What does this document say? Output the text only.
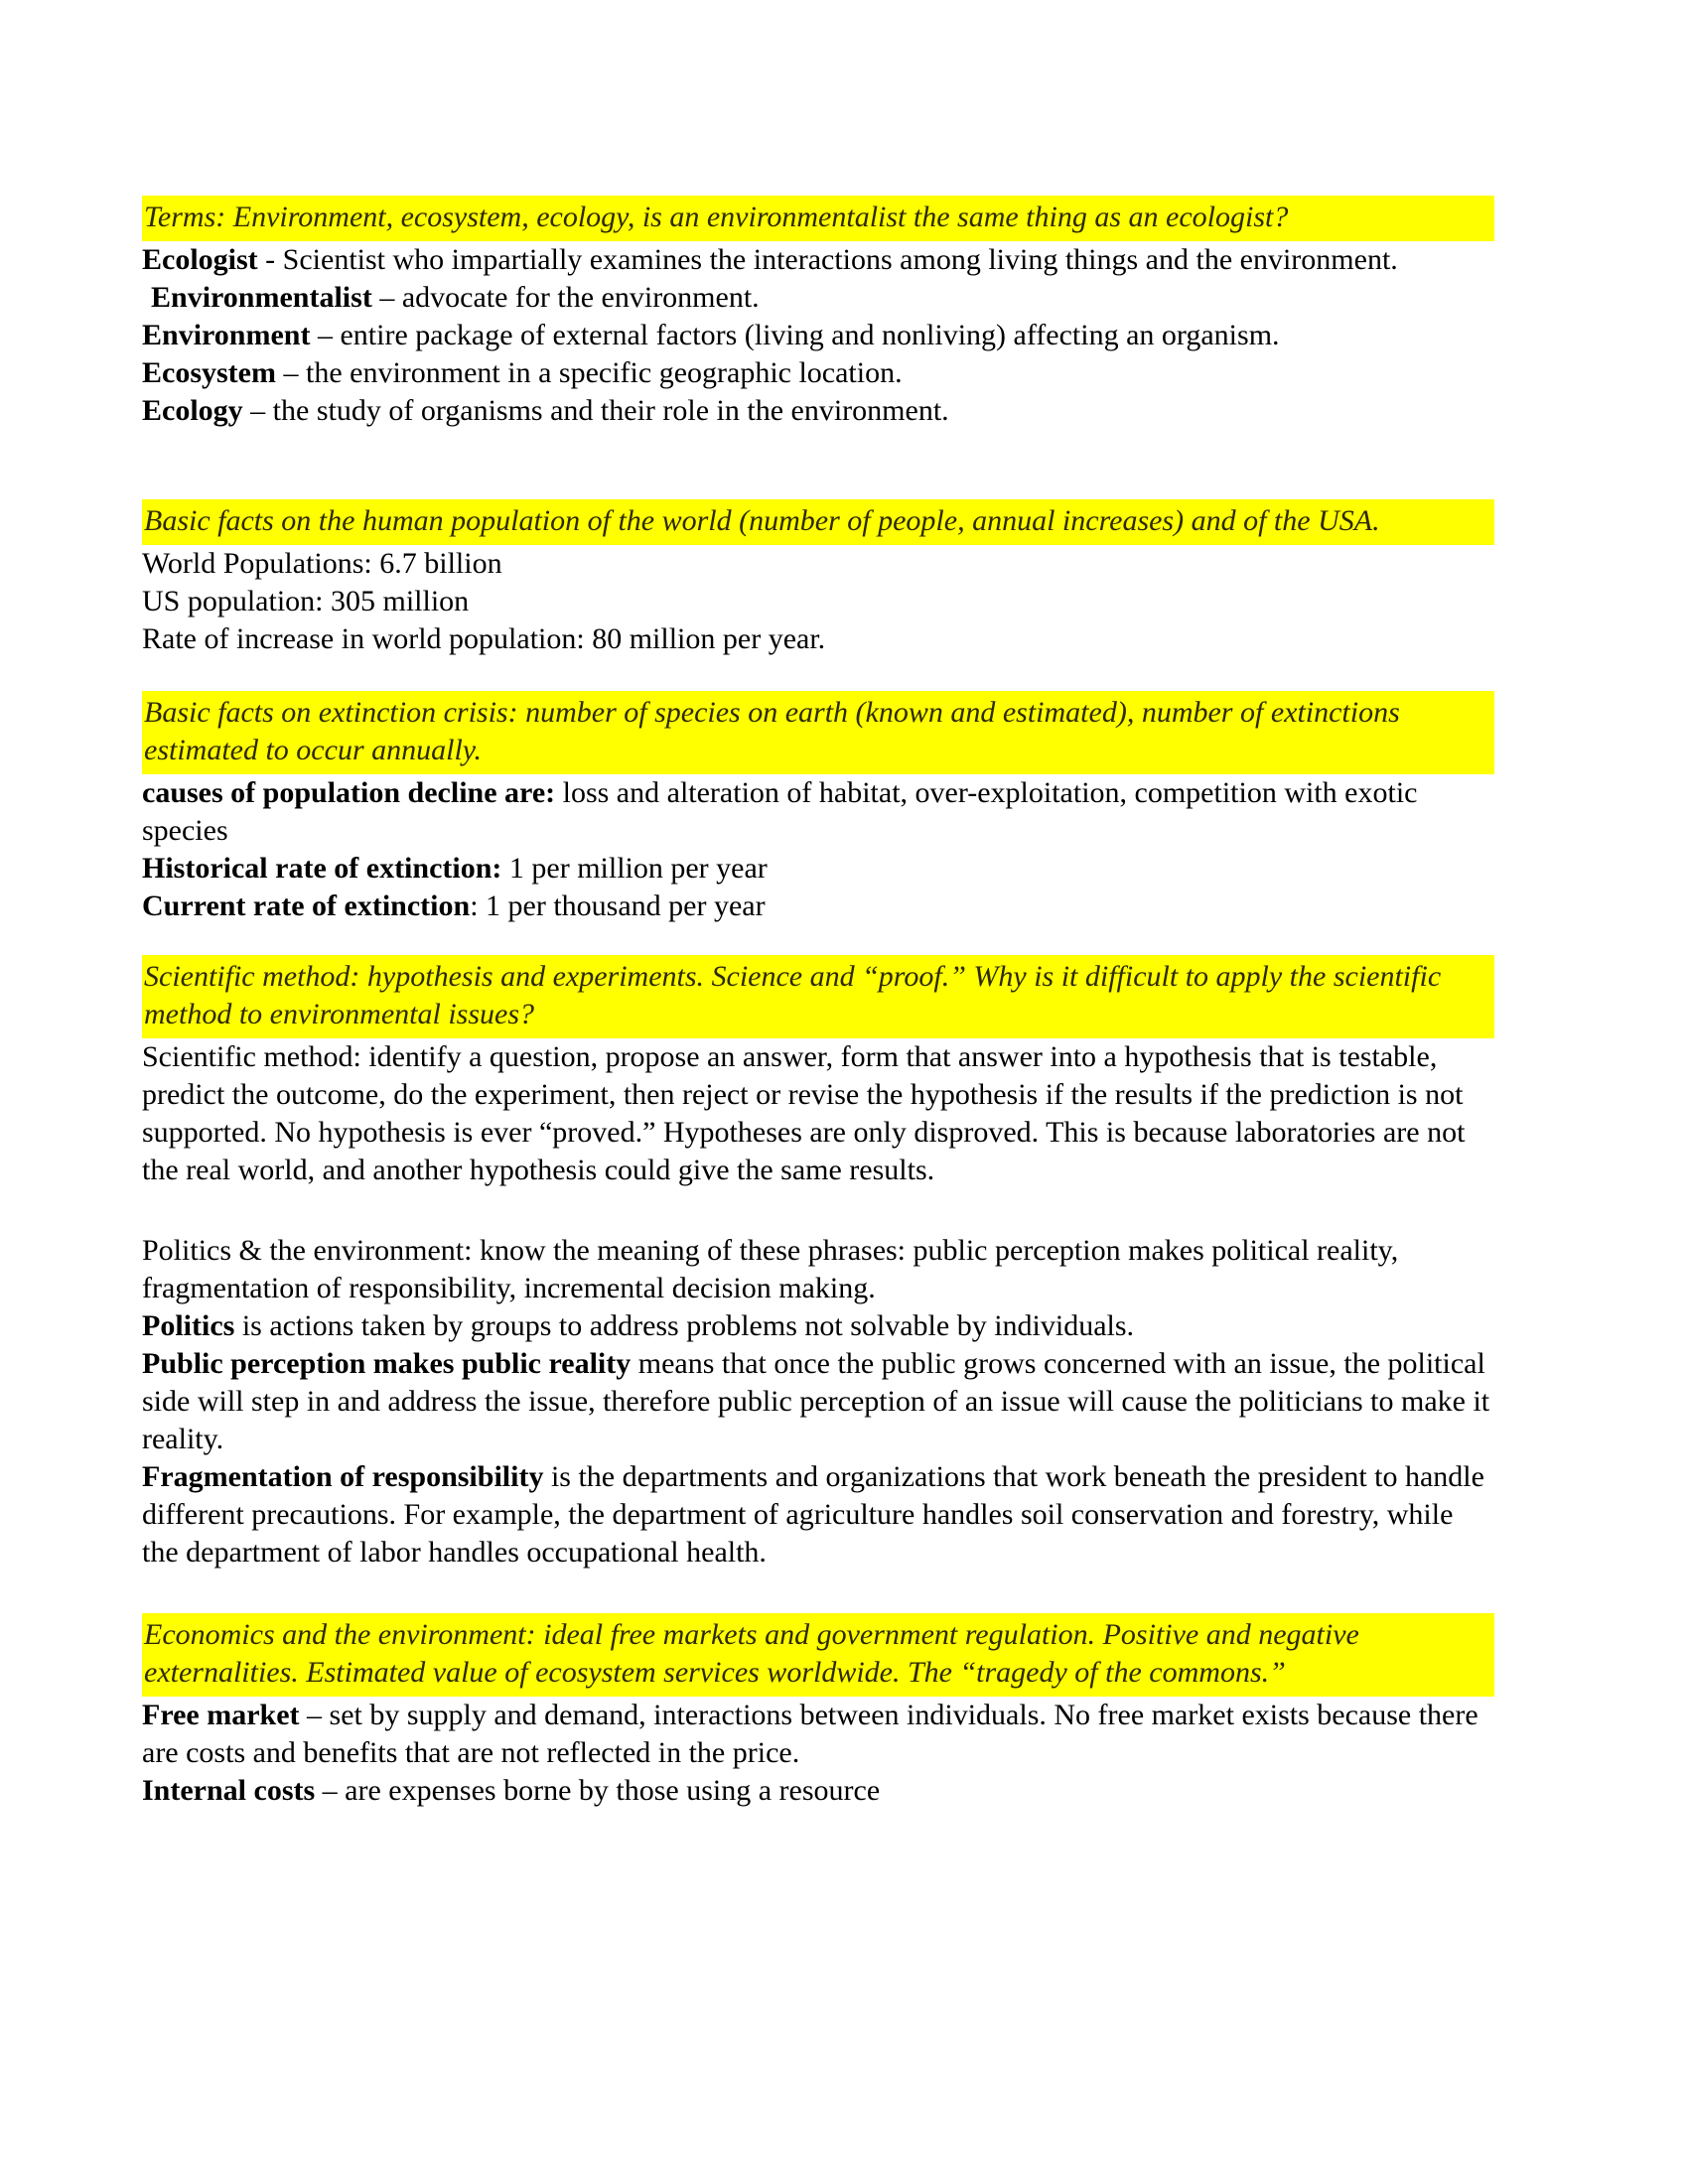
Terms: Environment, ecosystem, ecology, is an environmentalist the same thing as an ecologist?

Ecologist - Scientist who impartially examines the interactions among living things and the environment.

Environmentalist – advocate for the environment.

Environment – entire package of external factors (living and nonliving) affecting an organism.

Ecosystem – the environment in a specific geographic location.

Ecology – the study of organisms and their role in the environment.

Basic facts on the human population of the world (number of people, annual increases) and of the USA.

World Populations: 6.7 billion

US population: 305 million

Rate of increase in world population: 80 million per year.

Basic facts on extinction crisis: number of species on earth (known and estimated), number of extinctions estimated to occur annually.

causes of population decline are: loss and alteration of habitat, over-exploitation, competition with exotic species

Historical rate of extinction: 1 per million per year

Current rate of extinction: 1 per thousand per year

Scientific method: hypothesis and experiments. Science and “proof.” Why is it difficult to apply the scientific method to environmental issues?

Scientific method: identify a question, propose an answer, form that answer into a hypothesis that is testable, predict the outcome, do the experiment, then reject or revise the hypothesis if the results if the prediction is not supported. No hypothesis is ever “proved.” Hypotheses are only disproved. This is because laboratories are not the real world, and another hypothesis could give the same results.

Politics & the environment: know the meaning of these phrases: public perception makes political reality, fragmentation of responsibility, incremental decision making.

Politics is actions taken by groups to address problems not solvable by individuals.

Public perception makes public reality means that once the public grows concerned with an issue, the political side will step in and address the issue, therefore public perception of an issue will cause the politicians to make it reality.

Fragmentation of responsibility is the departments and organizations that work beneath the president to handle different precautions. For example, the department of agriculture handles soil conservation and forestry, while the department of labor handles occupational health.

Economics and the environment: ideal free markets and government regulation. Positive and negative externalities. Estimated value of ecosystem services worldwide. The “tragedy of the commons.”

Free market – set by supply and demand, interactions between individuals. No free market exists because there are costs and benefits that are not reflected in the price.

Internal costs – are expenses borne by those using a resource
